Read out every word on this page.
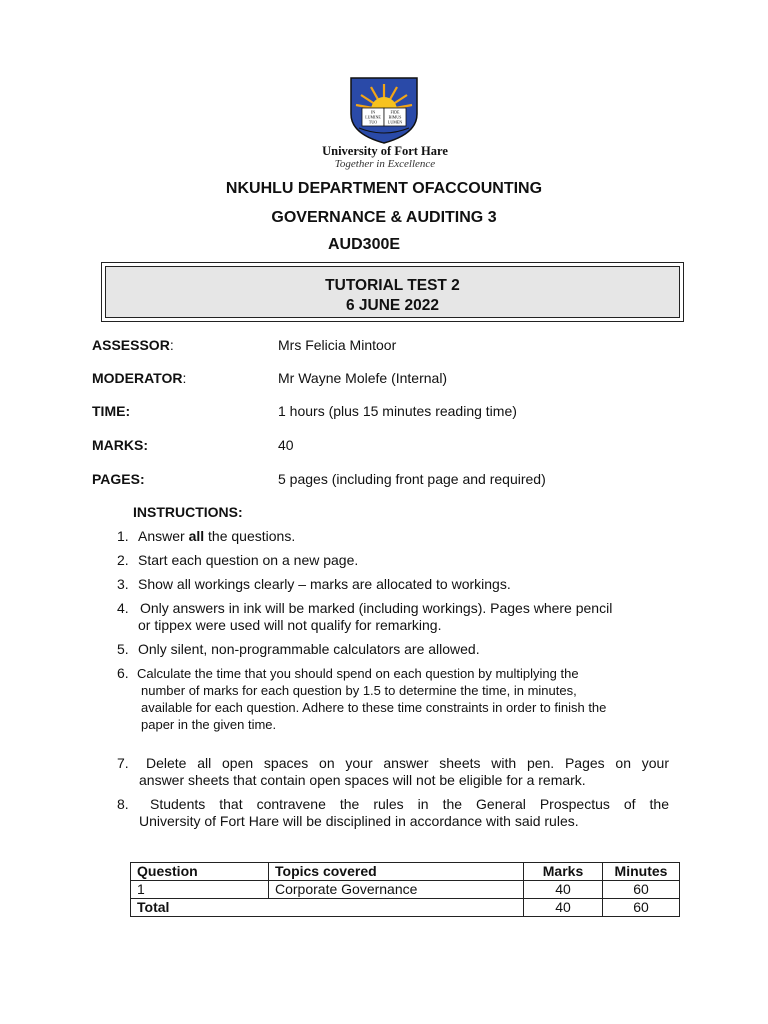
IN	FIDE
LUMINE BIMUS
TUO	LUMEN
University of Fort Hare
Together in Excellence
NKUHLU DEPARTMENT OFACCOUNTING
GOVERNANCE & AUDITING 3
AUD300E
TUTORIAL TEST 2
6 JUNE 2022
ASSESSOR:	Mrs Felicia Mintoor
MODERATOR:	Mr Wayne Molefe (Internal)
TIME:	1 hours (plus 15 minutes reading time)
MARKS:	40
PAGES:	5 pages (including front page and required)
INSTRUCTIONS:
1. Answer all the questions.
2. Start each question on a new page.
3. Show all workings clearly – marks are allocated to workings.
4. Only answers in ink will be marked (including workings). Pages where pencil
or tippex were used will not qualify for remarking.
5. Only silent, non-programmable calculators are allowed.
6. Calculate the time that you should spend on each question by multiplying the
number of marks for each question by 1.5 to determine the time, in minutes,
available for each question. Adhere to these time constraints in order to finish the
paper in the given time.
7. Delete all open spaces on your answer sheets with pen. Pages on your
answer sheets that contain open spaces will not be eligible for a remark.
8. Students that contravene the rules in the General Prospectus of the
University of Fort Hare will be disciplined in accordance with said rules.
Question	Topics covered	Marks	Minutes
1	Corporate Governance	40	60
Total		40	60
